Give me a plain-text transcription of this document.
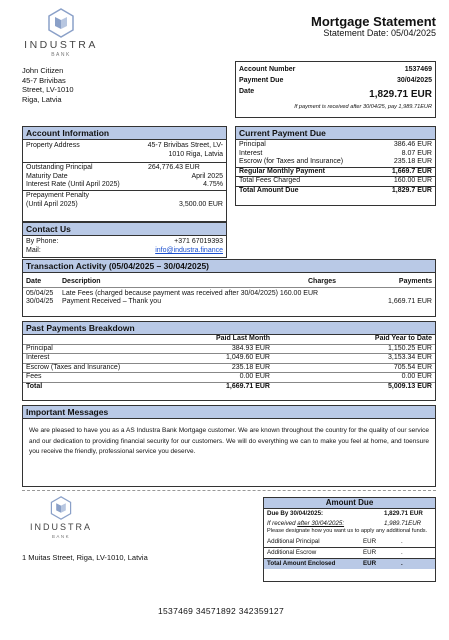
INDUSTRA
BANK
Mortgage Statement
Statement Date: 05/04/2025
John Citizen
45-7 Brivibas
Street, LV-1010
Riga, Latvia
Account Number	1537469
Payment Due	30/04/2025
Date	1,829.71 EUR
If payment is received after 30/04/25, pay 1,989.71EUR
Account Information
Property Address	45-7 Brivibas Street, LV-1010 Riga, Latvia
Outstanding Principal	264,776.43 EUR
Maturity Date	April 2025
Interest Rate (Until April 2025)	4.75%
Prepayment Penalty
(Until April 2025)	3,500.00 EUR
Contact Us
By Phone:	+371 67019393
Mail:	info@industra.finance
Current Payment Due
Principal	386.46 EUR
Interest	8.07 EUR
Escrow (for Taxes and Insurance)	235.18 EUR
Regular Monthly Payment	1,669.7 EUR
Total Fees Charged	160.00 EUR
Total Amount Due	1,829.7 EUR
Transaction Activity (05/04/2025 – 30/04/2025)
Date	Description	Charges	Payments
05/04/25	Late Fees (charged because payment was received after 30/04/2025) 160.00 EUR		
30/04/25	Payment Received – Thank you		1,669.71 EUR
Past Payments Breakdown
	Paid Last Month	Paid Year to Date
Principal	384.93 EUR	1,150.25 EUR
Interest	1,049.60 EUR	3,153.34 EUR
Escrow (Taxes and Insurance)	235.18 EUR	705.54 EUR
Fees	0.00 EUR	0.00 EUR
Total	1,669.71 EUR	5,009.13 EUR
Important Messages
We are pleased to have you as a AS Industra Bank Mortgage customer. We are known throughout the country for the quality of our service and our dedication to providing financial security for our customers. We will do everything we can to make you feel at home, and toensure you receive the friendly, professional service you deserve.
INDUSTRA
BANK
1 Muitas Street, Riga, LV-1010, Latvia
Amount Due
Due By 30/04/2025:	1,829.71 EUR
If received after 30/04/2025:	1,989.71EUR
Please designate how you want us to apply any additional funds.
Additional Principal	EUR	.
Additional Escrow	EUR	.
Total Amount Enclosed	EUR	.
1537469 34571892 342359127
